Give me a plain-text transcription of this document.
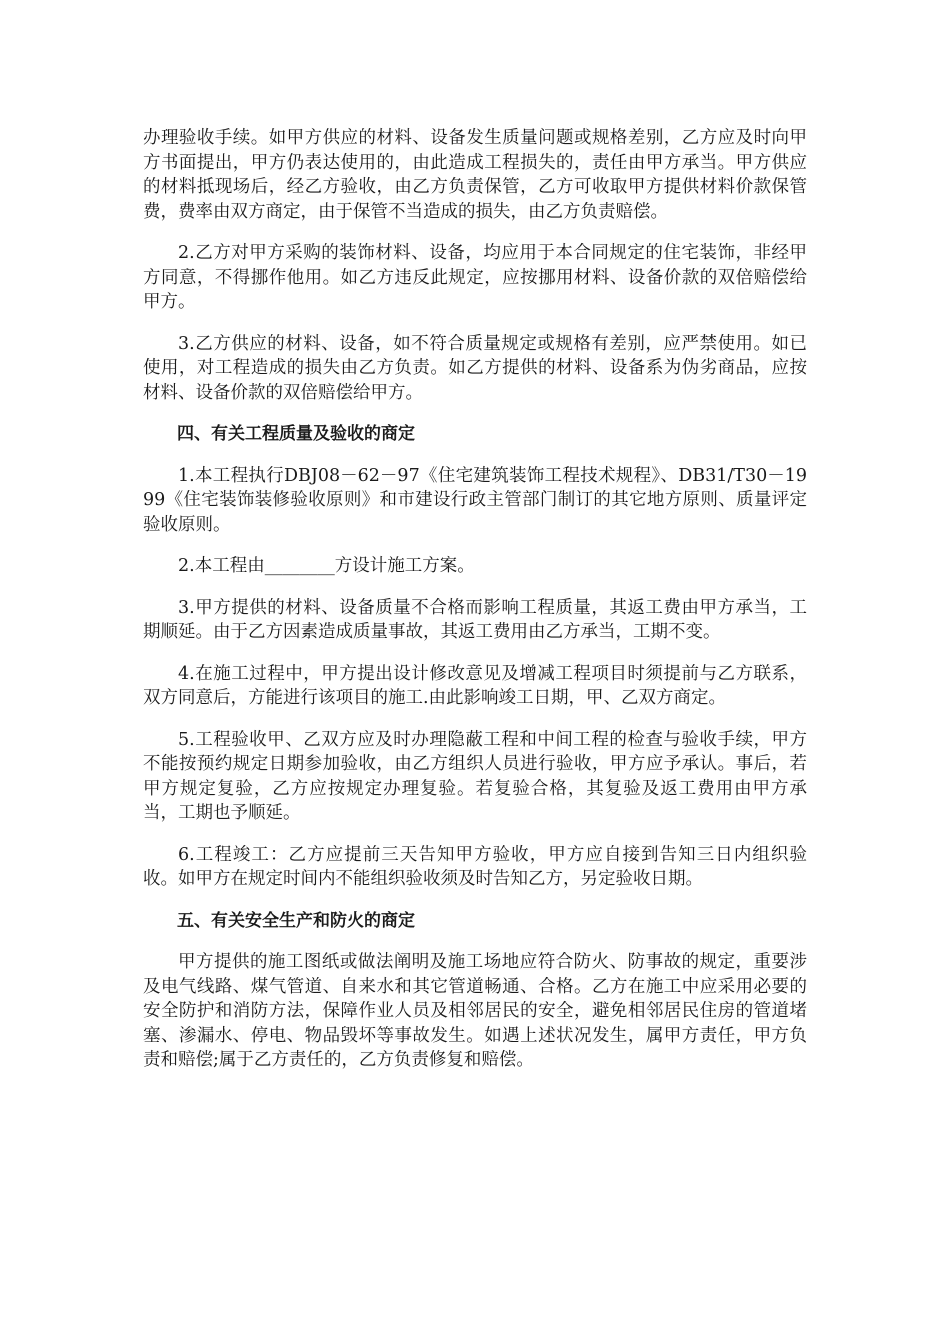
办理验收手续。如甲方供应的材料、设备发生质量问题或规格差别，乙方应及时向甲方书面提出，甲方仍表达使用的，由此造成工程损失的，责任由甲方承当。甲方供应的材料抵现场后，经乙方验收，由乙方负责保管，乙方可收取甲方提供材料价款保管费，费率由双方商定，由于保管不当造成的损失，由乙方负责赔偿。

2.乙方对甲方采购的装饰材料、设备，均应用于本合同规定的住宅装饰，非经甲方同意，不得挪作他用。如乙方违反此规定，应按挪用材料、设备价款的双倍赔偿给甲方。

3.乙方供应的材料、设备，如不符合质量规定或规格有差别，应严禁使用。如已使用，对工程造成的损失由乙方负责。如乙方提供的材料、设备系为伪劣商品，应按材料、设备价款的双倍赔偿给甲方。

四、有关工程质量及验收的商定

1.本工程执行DBJ08－62－97《住宅建筑装饰工程技术规程》、DB31/T30－1999《住宅装饰装修验收原则》和市建设行政主管部门制订的其它地方原则、质量评定验收原则。

2.本工程由________方设计施工方案。

3.甲方提供的材料、设备质量不合格而影响工程质量，其返工费由甲方承当，工期顺延。由于乙方因素造成质量事故，其返工费用由乙方承当，工期不变。

4.在施工过程中，甲方提出设计修改意见及增减工程项目时须提前与乙方联系，双方同意后，方能进行该项目的施工.由此影响竣工日期，甲、乙双方商定。

5.工程验收甲、乙双方应及时办理隐蔽工程和中间工程的检查与验收手续，甲方不能按预约规定日期参加验收，由乙方组织人员进行验收，甲方应予承认。事后，若甲方规定复验，乙方应按规定办理复验。若复验合格，其复验及返工费用由甲方承当，工期也予顺延。

6.工程竣工：乙方应提前三天告知甲方验收，甲方应自接到告知三日内组织验收。如甲方在规定时间内不能组织验收须及时告知乙方，另定验收日期。

五、有关安全生产和防火的商定

甲方提供的施工图纸或做法阐明及施工场地应符合防火、防事故的规定，重要涉及电气线路、煤气管道、自来水和其它管道畅通、合格。乙方在施工中应采用必要的安全防护和消防方法，保障作业人员及相邻居民的安全，避免相邻居民住房的管道堵塞、渗漏水、停电、物品毁坏等事故发生。如遇上述状况发生，属甲方责任，甲方负责和赔偿;属于乙方责任的，乙方负责修复和赔偿。
